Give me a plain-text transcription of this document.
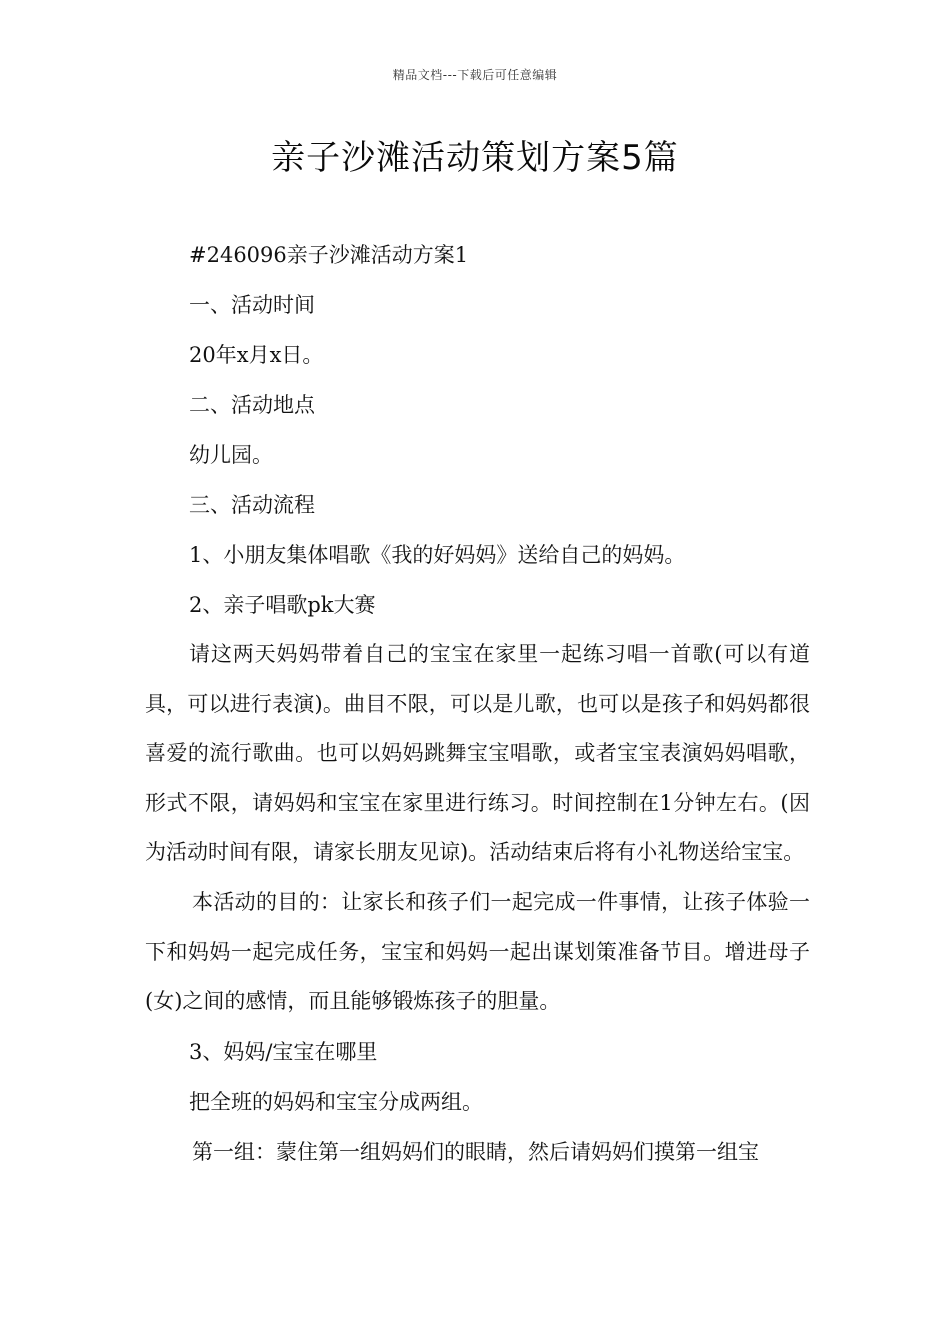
精品文档---下载后可任意编辑
亲子沙滩活动策划方案5篇

#246096亲子沙滩活动方案1

一、活动时间

20年x月x日。

二、活动地点

幼儿园。

三、活动流程

1、小朋友集体唱歌《我的好妈妈》送给自己的妈妈。

2、亲子唱歌pk大赛

请这两天妈妈带着自己的宝宝在家里一起练习唱一首歌(可以有道具，可以进行表演)。曲目不限，可以是儿歌，也可以是孩子和妈妈都很喜爱的流行歌曲。也可以妈妈跳舞宝宝唱歌，或者宝宝表演妈妈唱歌，形式不限，请妈妈和宝宝在家里进行练习。时间控制在1分钟左右。(因为活动时间有限，请家长朋友见谅)。活动结束后将有小礼物送给宝宝。

本活动的目的：让家长和孩子们一起完成一件事情，让孩子体验一下和妈妈一起完成任务，宝宝和妈妈一起出谋划策准备节目。增进母子(女)之间的感情，而且能够锻炼孩子的胆量。

3、妈妈/宝宝在哪里

把全班的妈妈和宝宝分成两组。

第一组：蒙住第一组妈妈们的眼睛，然后请妈妈们摸第一组宝
